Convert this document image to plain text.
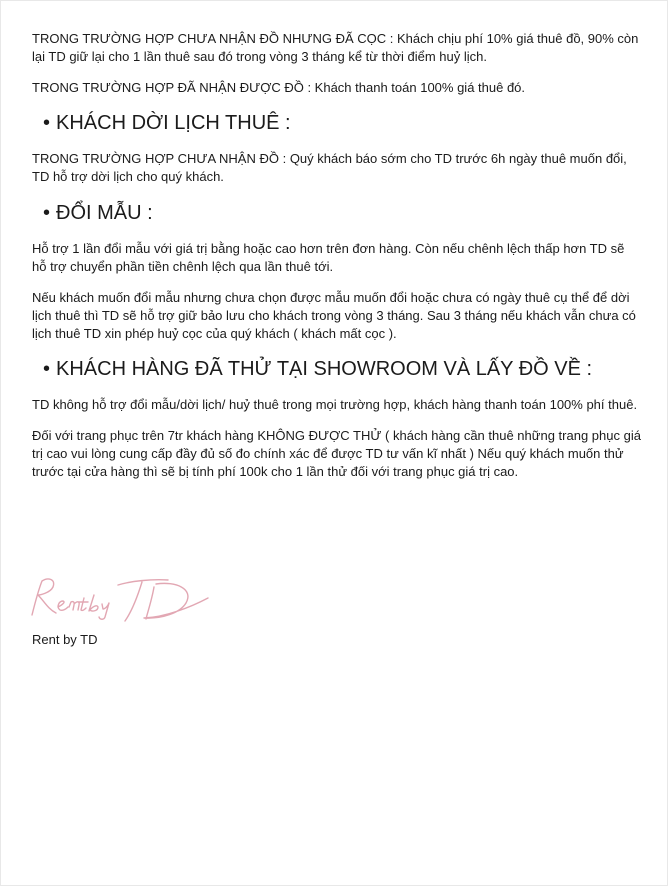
TRONG TRƯỜNG HỢP CHƯA NHẬN ĐỒ NHƯNG ĐÃ CỌC : Khách chịu phí 10% giá thuê đồ, 90% còn lại TD giữ lại cho 1 lần thuê sau đó trong vòng 3 tháng kể từ thời điểm huỷ lịch.

TRONG TRƯỜNG HỢP ĐÃ NHẬN ĐƯỢC ĐỒ : Khách thanh toán 100% giá thuê đó.

• KHÁCH DỜI LỊCH THUÊ :

TRONG TRƯỜNG HỢP CHƯA NHẬN ĐỒ : Quý khách báo sớm cho TD trước 6h ngày thuê muốn đổi, TD hỗ trợ dời lịch cho quý khách.

• ĐỔI MẪU :

Hỗ trợ 1 lần đổi mẫu với giá trị bằng hoặc cao hơn trên đơn hàng. Còn nếu chênh lệch thấp hơn TD sẽ hỗ trợ chuyển phần tiền chênh lệch qua lần thuê tới.

Nếu khách muốn đổi mẫu nhưng chưa chọn được mẫu muốn đổi hoặc chưa có ngày thuê cụ thể để dời lịch thuê thì TD sẽ hỗ trợ giữ bảo lưu cho khách trong vòng 3 tháng. Sau 3 tháng nếu khách vẫn chưa có lịch thuê TD xin phép huỷ cọc của quý khách ( khách mất cọc ).

• KHÁCH HÀNG ĐÃ THỬ TẠI SHOWROOM VÀ LẤY ĐỒ VỀ :

TD không hỗ trợ đổi mẫu/dời lịch/ huỷ thuê trong mọi trường hợp, khách hàng thanh toán 100% phí thuê.

Đối với trang phục trên 7tr khách hàng KHÔNG ĐƯỢC THỬ ( khách hàng cần thuê những trang phục giá trị cao vui lòng cung cấp đầy đủ số đo chính xác để được TD tư vấn kĩ nhất ) Nếu quý khách muốn thử trước tại cửa hàng thì sẽ bị tính phí 100k cho 1 lần thử đối với trang phục giá trị cao.

Rent by TD
